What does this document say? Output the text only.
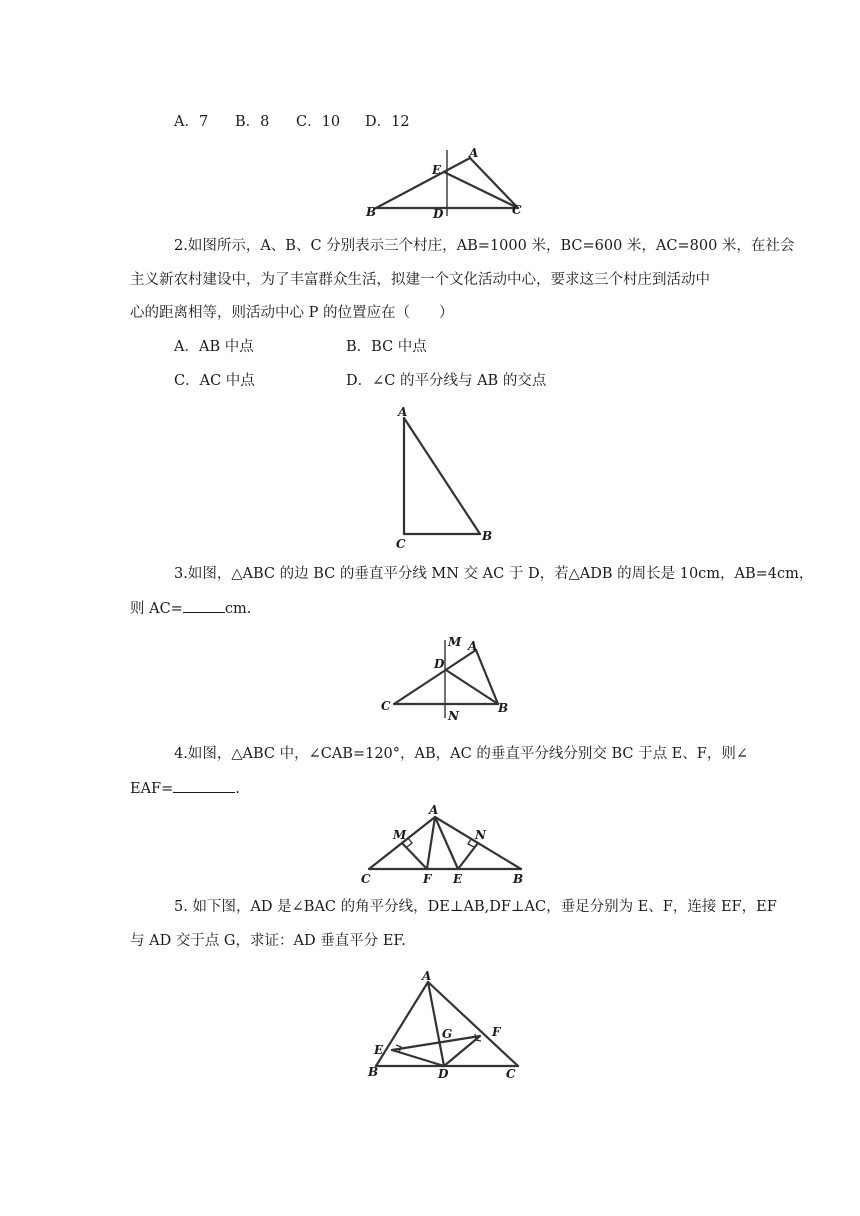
A．7 B．8 C．10 D．12
E
A
B	D	C
2.如图所示，A、B、C 分别表示三个村庄，AB=1000 米，BC=600 米，AC=800 米，在社会
主义新农村建设中，为了丰富群众生活，拟建一个文化活动中心，要求这三个村庄到活动中
心的距离相等，则活动中心 P 的位置应在（　　）
A．AB 中点	B．BC 中点
C．AC 中点	D．∠C 的平分线与 AB 的交点
A
C
B
3.如图，△ABC 的边 BC 的垂直平分线 MN 交 AC 于 D，若△ADB 的周长是 10cm，AB=4cm，
则 AC=	cm.
M A
D
C	B
N
4.如图，△ABC 中，∠CAB=120°，AB，AC 的垂直平分线分别交 BC 于点 E、F，则∠
EAF=	.
A
M	N
C	F E	B
5. 如下图，AD 是∠BAC 的角平分线，DE⊥AB,DF⊥AC，垂足分别为 E、F，连接 EF，EF
与 AD 交于点 G，求证：AD 垂直平分 EF.
A
G	F
E
B	D	C
